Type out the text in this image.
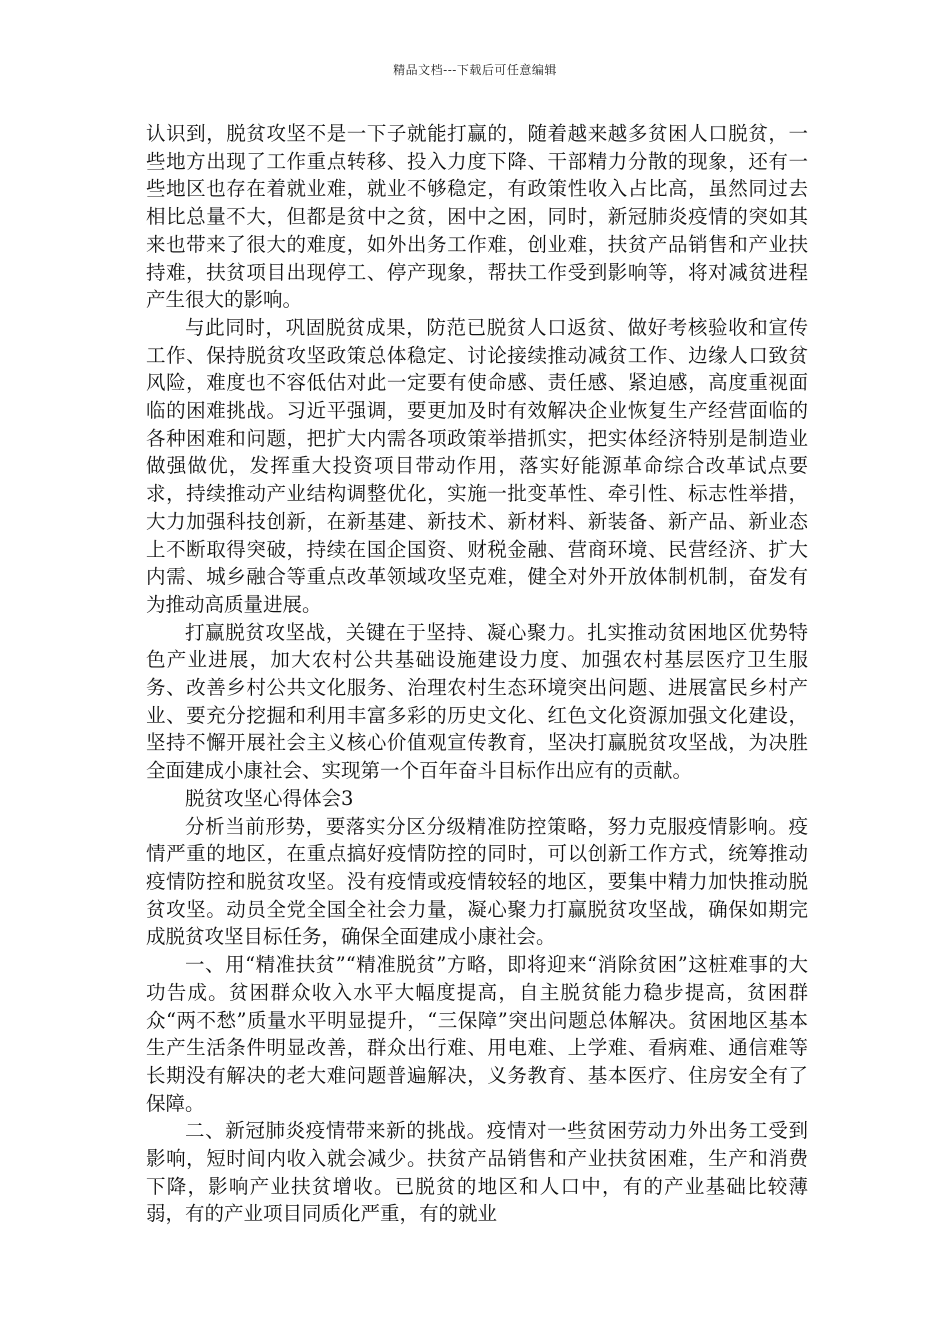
精品文档---下载后可任意编辑

认识到，脱贫攻坚不是一下子就能打赢的，随着越来越多贫困人口脱贫，一些地方出现了工作重点转移、投入力度下降、干部精力分散的现象，还有一些地区也存在着就业难，就业不够稳定，有政策性收入占比高，虽然同过去相比总量不大，但都是贫中之贫，困中之困，同时，新冠肺炎疫情的突如其来也带来了很大的难度，如外出务工作难，创业难，扶贫产品销售和产业扶持难，扶贫项目出现停工、停产现象，帮扶工作受到影响等，将对减贫进程产生很大的影响。

与此同时，巩固脱贫成果，防范已脱贫人口返贫、做好考核验收和宣传工作、保持脱贫攻坚政策总体稳定、讨论接续推动减贫工作、边缘人口致贫风险，难度也不容低估对此一定要有使命感、责任感、紧迫感，高度重视面临的困难挑战。习近平强调，要更加及时有效解决企业恢复生产经营面临的各种困难和问题，把扩大内需各项政策举措抓实，把实体经济特别是制造业做强做优，发挥重大投资项目带动作用，落实好能源革命综合改革试点要求，持续推动产业结构调整优化，实施一批变革性、牵引性、标志性举措，大力加强科技创新，在新基建、新技术、新材料、新装备、新产品、新业态上不断取得突破，持续在国企国资、财税金融、营商环境、民营经济、扩大内需、城乡融合等重点改革领域攻坚克难，健全对外开放体制机制，奋发有为推动高质量进展。

打赢脱贫攻坚战，关键在于坚持、凝心聚力。扎实推动贫困地区优势特色产业进展，加大农村公共基础设施建设力度、加强农村基层医疗卫生服务、改善乡村公共文化服务、治理农村生态环境突出问题、进展富民乡村产业、要充分挖掘和利用丰富多彩的历史文化、红色文化资源加强文化建设，坚持不懈开展社会主义核心价值观宣传教育，坚决打赢脱贫攻坚战，为决胜全面建成小康社会、实现第一个百年奋斗目标作出应有的贡献。

脱贫攻坚心得体会3

分析当前形势，要落实分区分级精准防控策略，努力克服疫情影响。疫情严重的地区，在重点搞好疫情防控的同时，可以创新工作方式，统筹推动疫情防控和脱贫攻坚。没有疫情或疫情较轻的地区，要集中精力加快推动脱贫攻坚。动员全党全国全社会力量，凝心聚力打赢脱贫攻坚战，确保如期完成脱贫攻坚目标任务，确保全面建成小康社会。

一、用“精准扶贫”“精准脱贫”方略，即将迎来“消除贫困”这桩难事的大功告成。贫困群众收入水平大幅度提高，自主脱贫能力稳步提高，贫困群众“两不愁”质量水平明显提升，“三保障”突出问题总体解决。贫困地区基本生产生活条件明显改善，群众出行难、用电难、上学难、看病难、通信难等长期没有解决的老大难问题普遍解决，义务教育、基本医疗、住房安全有了保障。

二、新冠肺炎疫情带来新的挑战。疫情对一些贫困劳动力外出务工受到影响，短时间内收入就会减少。扶贫产品销售和产业扶贫困难，生产和消费下降，影响产业扶贫增收。已脱贫的地区和人口中，有的产业基础比较薄弱，有的产业项目同质化严重，有的就业
